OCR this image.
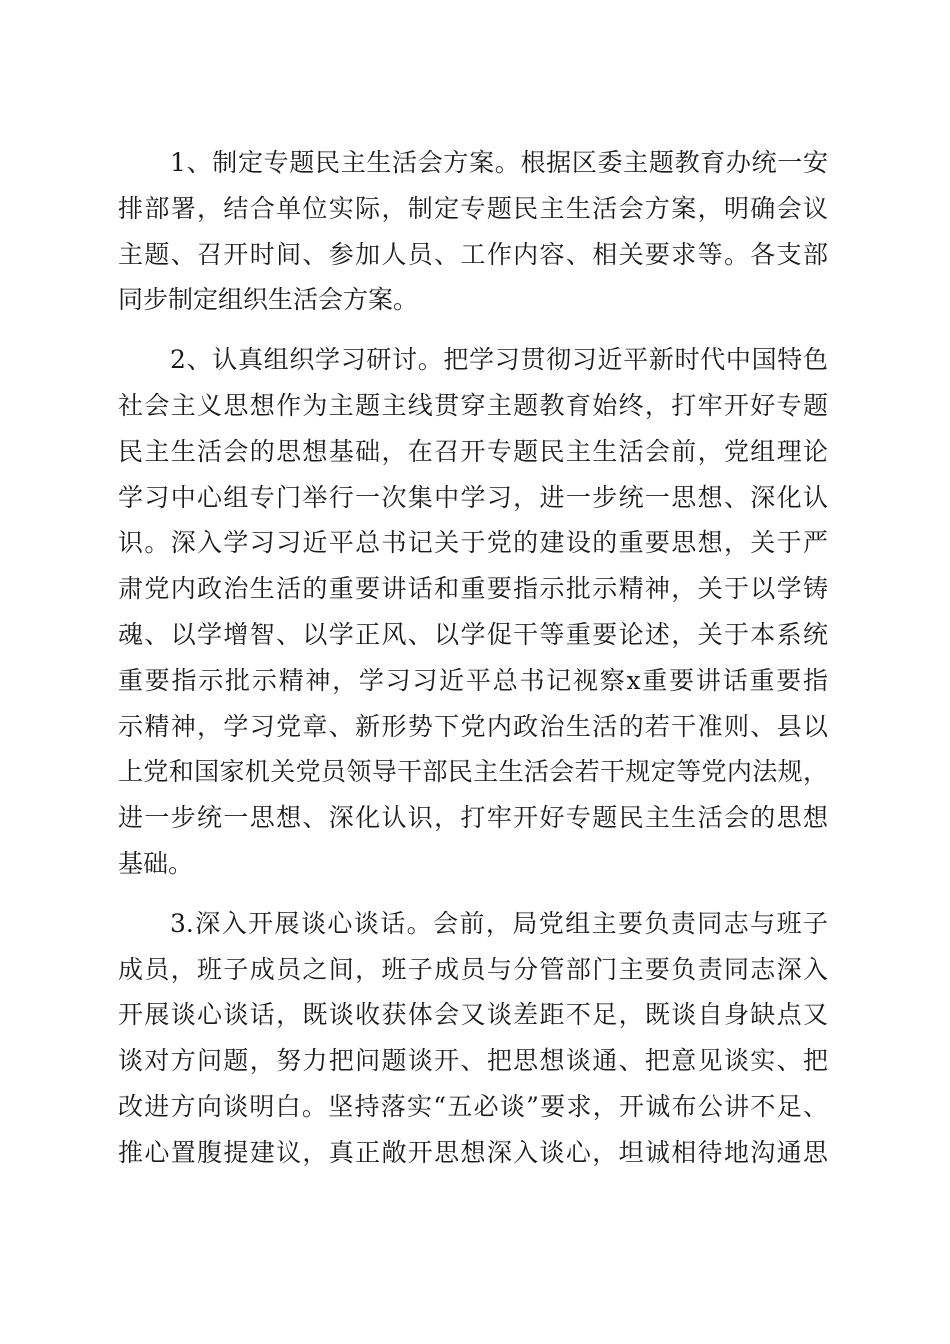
1、制定专题民主生活会方案。根据区委主题教育办统一安
排部署，结合单位实际，制定专题民主生活会方案，明确会议
主题、召开时间、参加人员、工作内容、相关要求等。各支部
同步制定组织生活会方案。
2、认真组织学习研讨。把学习贯彻习近平新时代中国特色
社会主义思想作为主题主线贯穿主题教育始终，打牢开好专题
民主生活会的思想基础，在召开专题民主生活会前，党组理论
学习中心组专门举行一次集中学习，进一步统一思想、深化认
识。深入学习习近平总书记关于党的建设的重要思想，关于严
肃党内政治生活的重要讲话和重要指示批示精神，关于以学铸
魂、以学增智、以学正风、以学促干等重要论述，关于本系统
重要指示批示精神，学习习近平总书记视察x重要讲话重要指
示精神，学习党章、新形势下党内政治生活的若干准则、县以
上党和国家机关党员领导干部民主生活会若干规定等党内法规，
进一步统一思想、深化认识，打牢开好专题民主生活会的思想
基础。
3.深入开展谈心谈话。会前，局党组主要负责同志与班子
成员，班子成员之间，班子成员与分管部门主要负责同志深入
开展谈心谈话，既谈收获体会又谈差距不足，既谈自身缺点又
谈对方问题，努力把问题谈开、把思想谈通、把意见谈实、把
改进方向谈明白。坚持落实“五必谈”要求，开诚布公讲不足、
推心置腹提建议，真正敞开思想深入谈心，坦诚相待地沟通思
